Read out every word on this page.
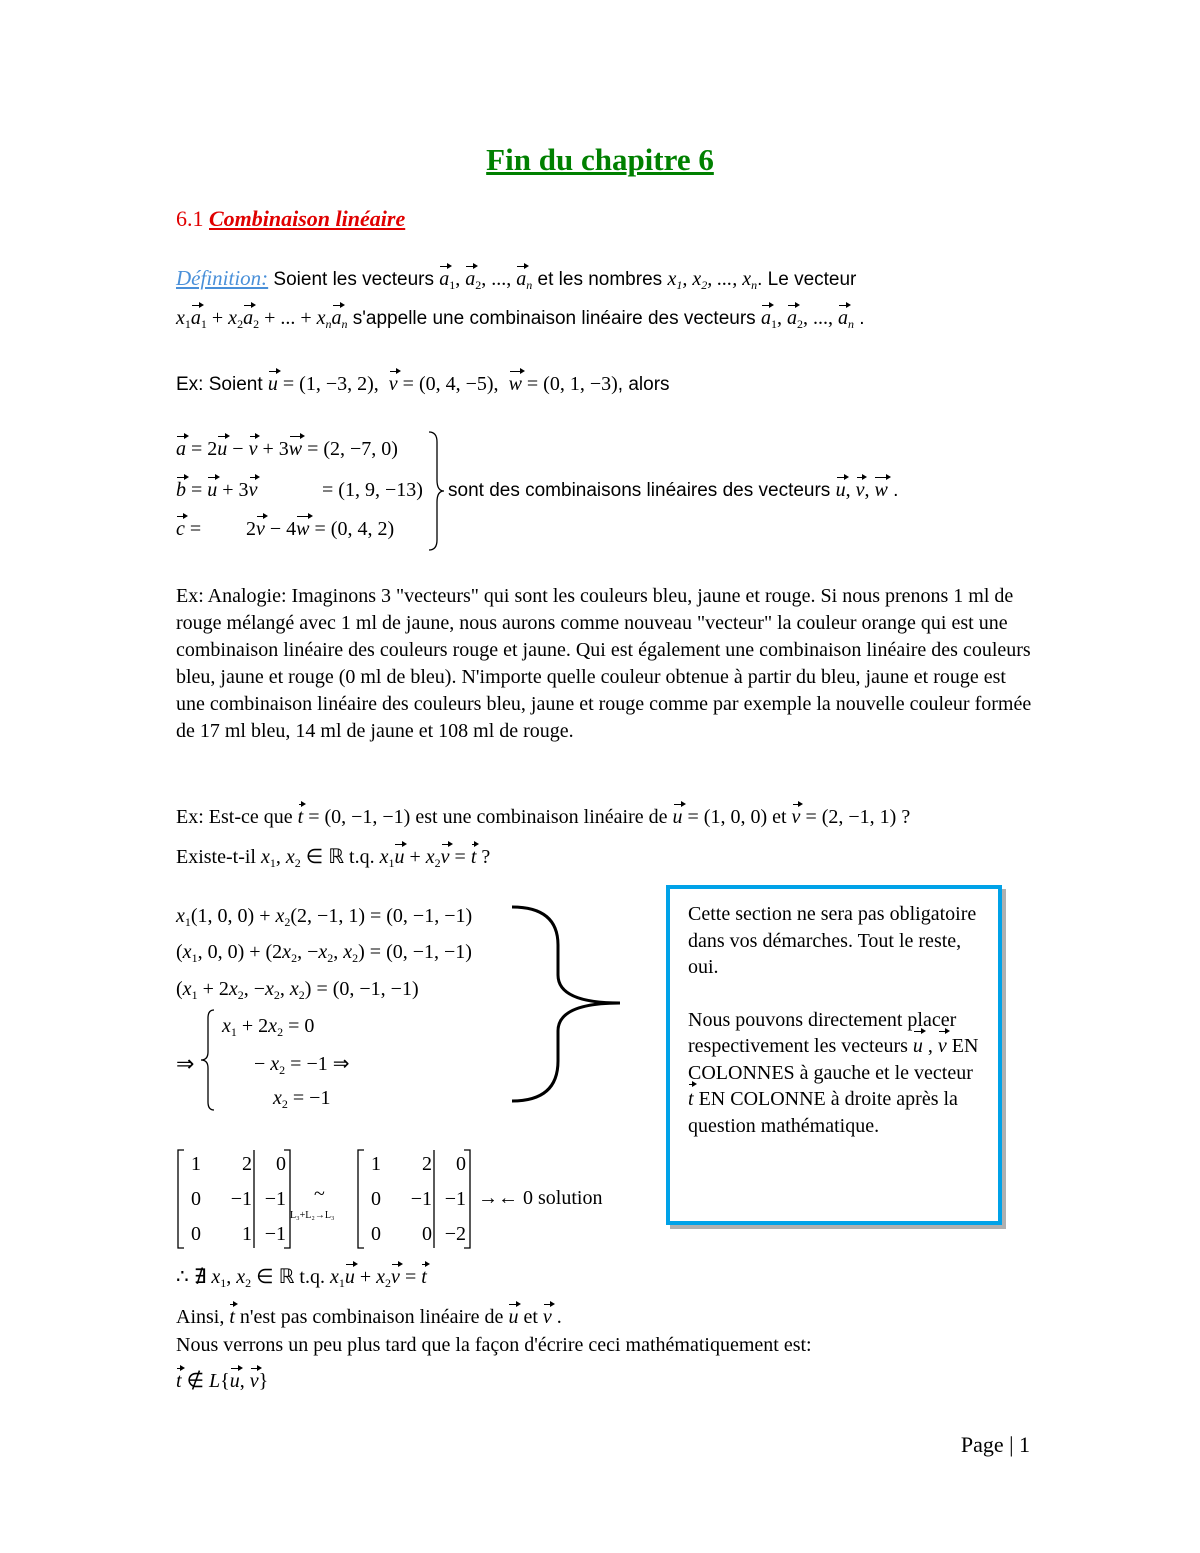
Fin du chapitre 6
6.1 Combinaison linéaire
Définition: Soient les vecteurs $a_1$, $a_2$, ..., $a_n$ et les nombres $x_1$, $x_2$, ..., $x_n$. Le vecteur
$x_1a_1 + x_2a_2$ + ... + $x_na_n$ s'appelle une combinaison linéaire des vecteurs $a_1$, $a_2$, ..., $a_n$ .
Ex: Soient u = (1, −3, 2), v = (0, 4, −5), w = (0, 1, −3), alors
a = 2u − v + 3w = (2, −7, 0)
b = u + 3v	= (1, 9, −13)
c = 2v − 4w = (0, 4, 2)
sont des combinaisons linéaires des vecteurs u, v, w .
Ex: Analogie: Imaginons 3 "vecteurs" qui sont les couleurs bleu, jaune et rouge. Si nous prenons 1 ml de rouge mélangé avec 1 ml de jaune, nous aurons comme nouveau "vecteur" la couleur orange qui est une combinaison linéaire des couleurs rouge et jaune. Qui est également une combinaison linéaire des couleurs bleu, jaune et rouge (0 ml de bleu). N'importe quelle couleur obtenue à partir du bleu, jaune et rouge est une combinaison linéaire des couleurs bleu, jaune et rouge comme par exemple la nouvelle couleur formée de 17 ml bleu, 14 ml de jaune et 108 ml de rouge.
Ex: Est-ce que t = (0, −1, −1) est une combinaison linéaire de u = (1, 0, 0) et v = (2, −1, 1) ?
Existe-t-il $x_1$, $x_2$ ∈ ℝ t.q. $x_1u + x_2v = t$ ?
$x_1(1$, 0, $0) + x_2(2$, −1, 1) = (0, −1, −1)
($x_1$, 0, $0) + (2x_2$, $-x_2$, $x_2) = (0$, −1, −1)
($x_1 + 2x_2$, $-x_2$, $x_2) = (0$, −1, −1)
⇒
$x_1 + 2x_2 = 0$
− $x_2 = -1$ ⇒
$x_2 = -1$
1	2	0
0	−1 −1
0	1 −1
~
L₃+L₂→L₃
1	2	0
0	−1 −1
0	0 −2
→← 0 solution
∴ ∄ $x_1$, $x_2$ ∈ ℝ t.q. $x_1u + x_2v = t$
Ainsi, t n'est pas combinaison linéaire de u et v .
Nous verrons un peu plus tard que la façon d'écrire ceci mathématiquement est:
t ∉ L{u, v}

Cette section ne sera pas obligatoire dans vos démarches. Tout le reste, oui.

Nous pouvons directement placer respectivement les vecteurs u , v EN COLONNES à gauche et le vecteur t EN COLONNE à droite après la question mathématique.

Page | 1
